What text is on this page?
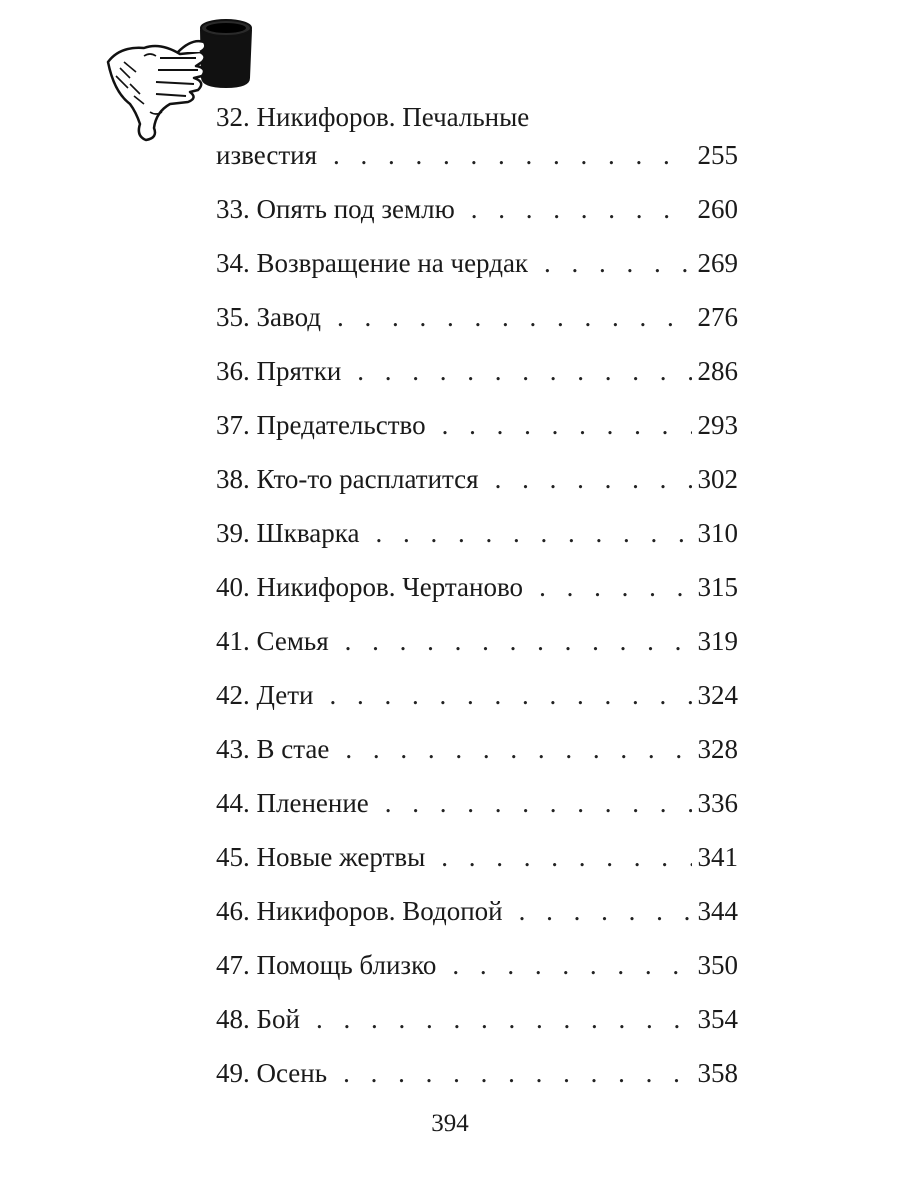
32. Никифоров. Печальные
известия . . .	255
33. Опять под землю . . .	260
34. Возвращение на чердак . . .	269
35. Завод . . .	276
36. Прятки . . .	286
37. Предательство . . .	293
38. Кто-то расплатится . . .	302
39. Шкварка . . .	310
40. Никифоров. Чертаново . . .	315
41. Семья . . .	319
42. Дети . . .	324
43. В стае . . .	328
44. Пленение . . .	336
45. Новые жертвы . . .	341
46. Никифоров. Водопой . . .	344
47. Помощь близко . . .	350
48. Бой . . .	354
49. Осень . . .	358
394
